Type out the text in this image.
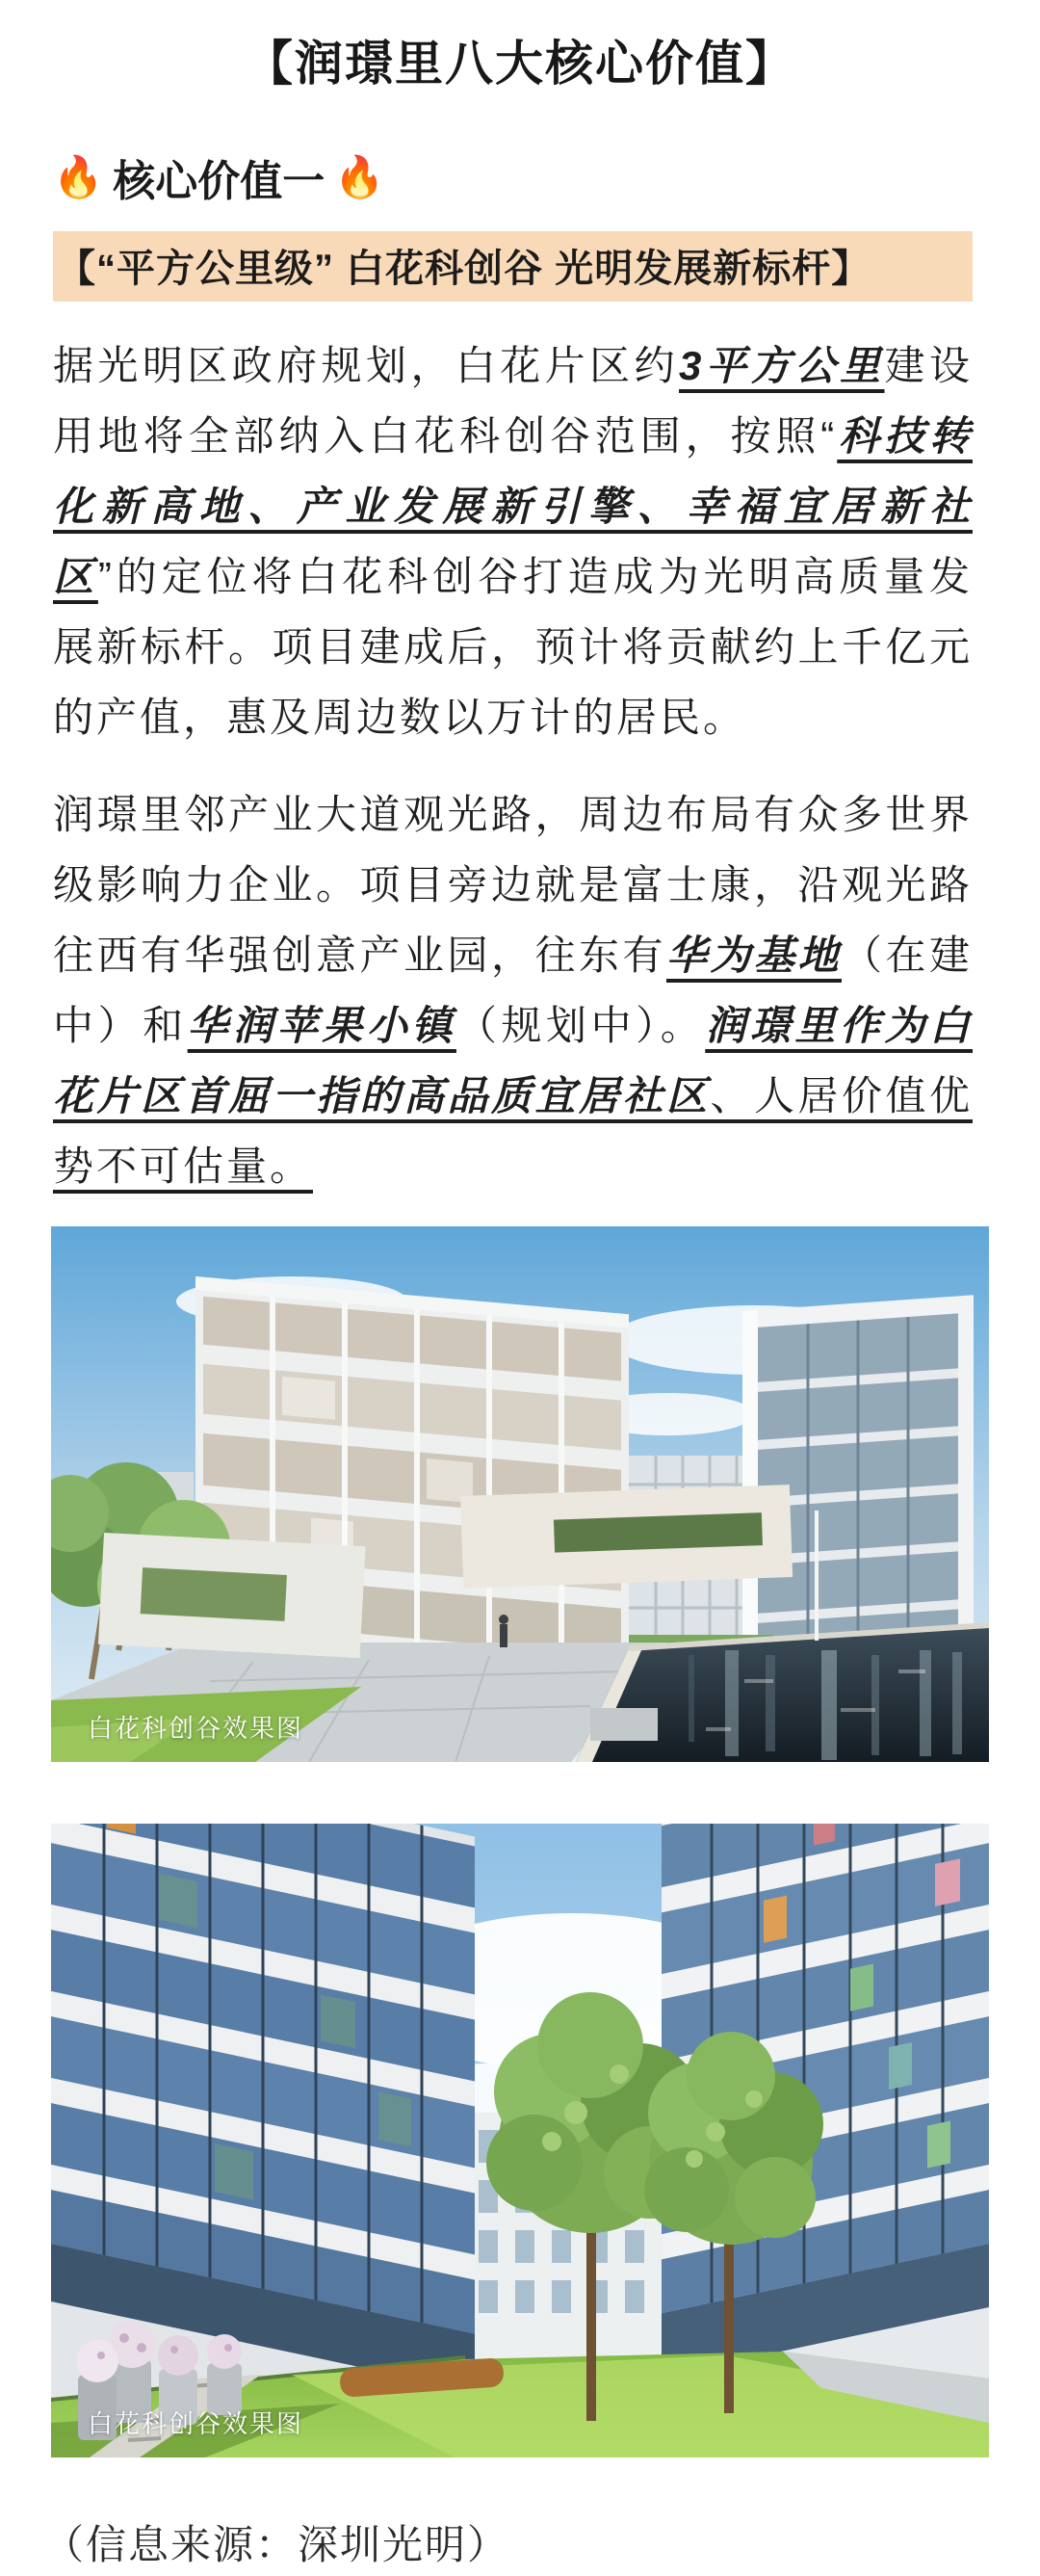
【润璟里八大核心价值】
🔥 核心价值一 🔥
【“平方公里级” 白花科创谷 光明发展新标杆】

据光明区政府规划，白花片区约3平方公里建设用地将全部纳入白花科创谷范围，按照“科技转化新高地、产业发展新引擎、幸福宜居新社区”的定位将白花科创谷打造成为光明高质量发展新标杆。项目建成后，预计将贡献约上千亿元的产值，惠及周边数以万计的居民。

润璟里邻产业大道观光路，周边布局有众多世界级影响力企业。项目旁边就是富士康，沿观光路往西有华强创意产业园，往东有华为基地（在建中）和华润苹果小镇（规划中）。润璟里作为白花片区首屈一指的高品质宜居社区、人居价值优势不可估量。

白花科创谷效果图
白花科创谷效果图
（信息来源：深圳光明）
